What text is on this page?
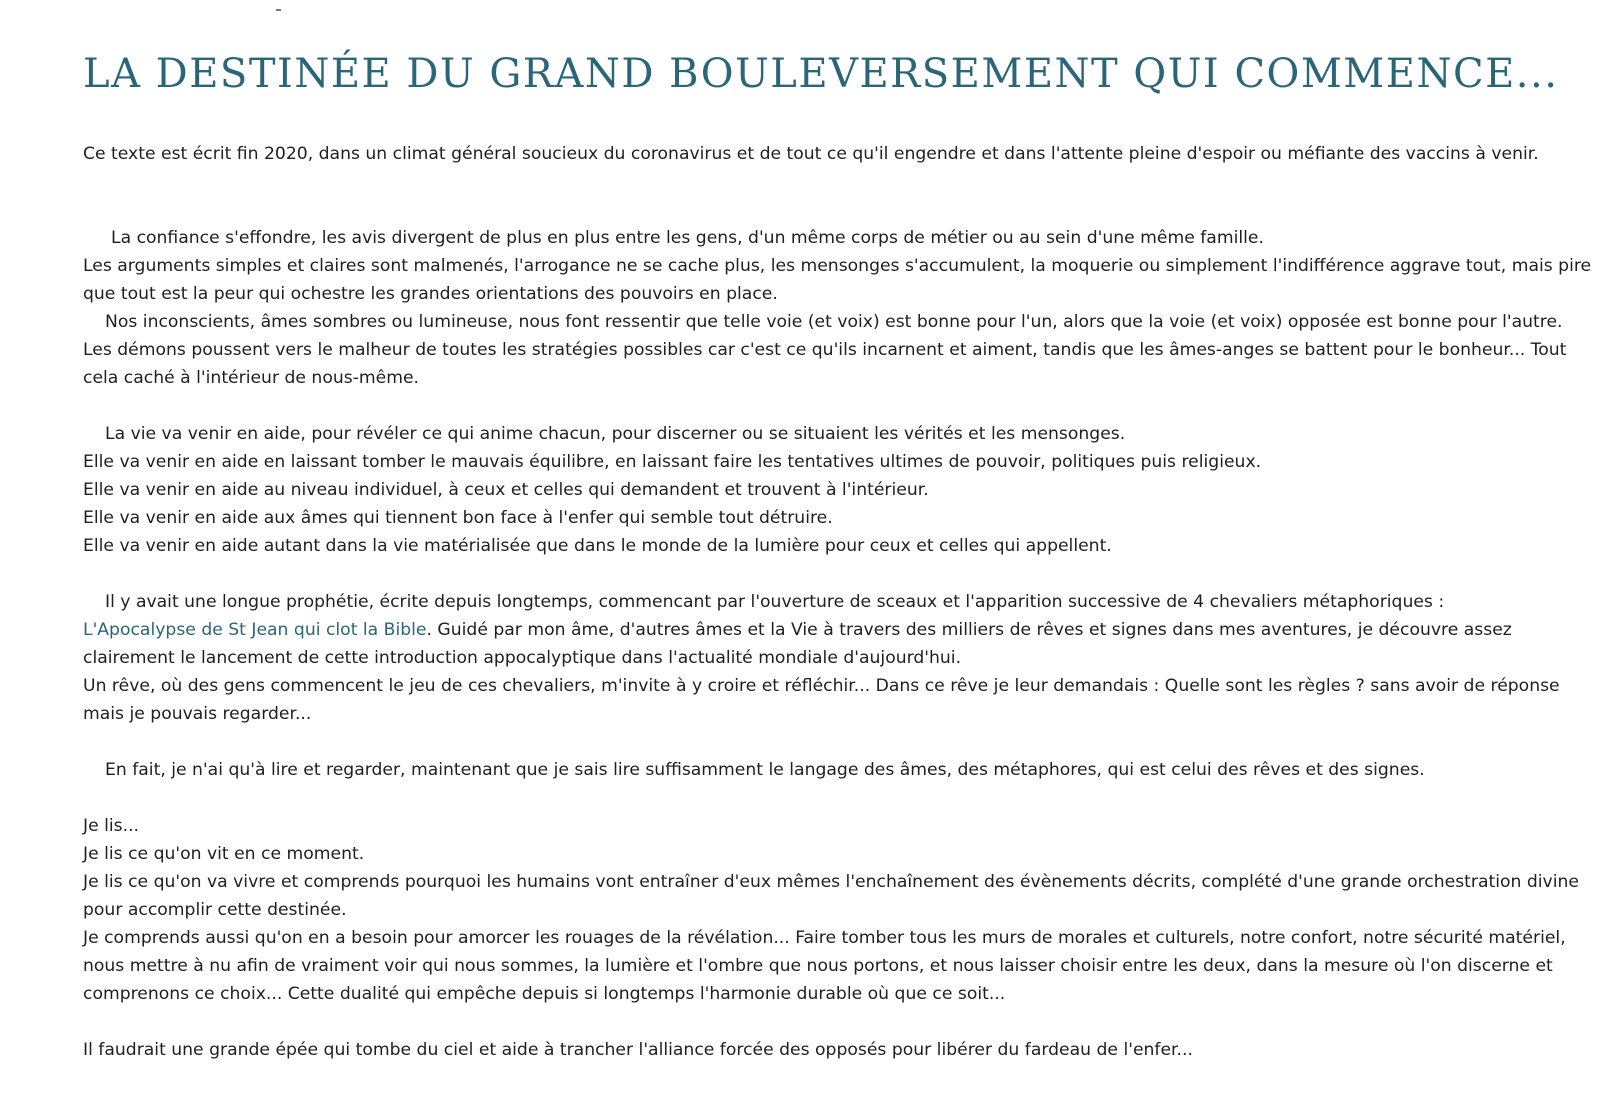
LA DESTINÉE DU GRAND BOULEVERSEMENT QUI COMMENCE...

Ce texte est écrit fin 2020, dans un climat général soucieux du coronavirus et de tout ce qu'il engendre et dans l'attente pleine d'espoir ou méfiante des vaccins à venir.

La confiance s'effondre, les avis divergent de plus en plus entre les gens, d'un même corps de métier ou au sein d'une même famille.
Les arguments simples et claires sont malmenés, l'arrogance ne se cache plus, les mensonges s'accumulent, la moquerie ou simplement l'indifférence aggrave tout, mais pire
que tout est la peur qui ochestre les grandes orientations des pouvoirs en place.
Nos inconscients, âmes sombres ou lumineuse, nous font ressentir que telle voie (et voix) est bonne pour l'un, alors que la voie (et voix) opposée est bonne pour l'autre.
Les démons poussent vers le malheur de toutes les stratégies possibles car c'est ce qu'ils incarnent et aiment, tandis que les âmes-anges se battent pour le bonheur... Tout
cela caché à l'intérieur de nous-même.
La vie va venir en aide, pour révéler ce qui anime chacun, pour discerner ou se situaient les vérités et les mensonges.
Elle va venir en aide en laissant tomber le mauvais équilibre, en laissant faire les tentatives ultimes de pouvoir, politiques puis religieux.
Elle va venir en aide au niveau individuel, à ceux et celles qui demandent et trouvent à l'intérieur.
Elle va venir en aide aux âmes qui tiennent bon face à l'enfer qui semble tout détruire.
Elle va venir en aide autant dans la vie matérialisée que dans le monde de la lumière pour ceux et celles qui appellent.
Il y avait une longue prophétie, écrite depuis longtemps, commencant par l'ouverture de sceaux et l'apparition successive de 4 chevaliers métaphoriques :
L'Apocalypse de St Jean qui clot la Bible. Guidé par mon âme, d'autres âmes et la Vie à travers des milliers de rêves et signes dans mes aventures, je découvre assez
clairement le lancement de cette introduction appocalyptique dans l'actualité mondiale d'aujourd'hui.
Un rêve, où des gens commencent le jeu de ces chevaliers, m'invite à y croire et réfléchir... Dans ce rêve je leur demandais : Quelle sont les règles ? sans avoir de réponse
mais je pouvais regarder...
En fait, je n'ai qu'à lire et regarder, maintenant que je sais lire suffisamment le langage des âmes, des métaphores, qui est celui des rêves et des signes.
Je lis...
Je lis ce qu'on vit en ce moment.
Je lis ce qu'on va vivre et comprends pourquoi les humains vont entraîner d'eux mêmes l'enchaînement des évènements décrits, complété d'une grande orchestration divine
pour accomplir cette destinée.
Je comprends aussi qu'on en a besoin pour amorcer les rouages de la révélation... Faire tomber tous les murs de morales et culturels, notre confort, notre sécurité matériel,
nous mettre à nu afin de vraiment voir qui nous sommes, la lumière et l'ombre que nous portons, et nous laisser choisir entre les deux, dans la mesure où l'on discerne et
comprenons ce choix... Cette dualité qui empêche depuis si longtemps l'harmonie durable où que ce soit...
Il faudrait une grande épée qui tombe du ciel et aide à trancher l'alliance forcée des opposés pour libérer du fardeau de l'enfer...
